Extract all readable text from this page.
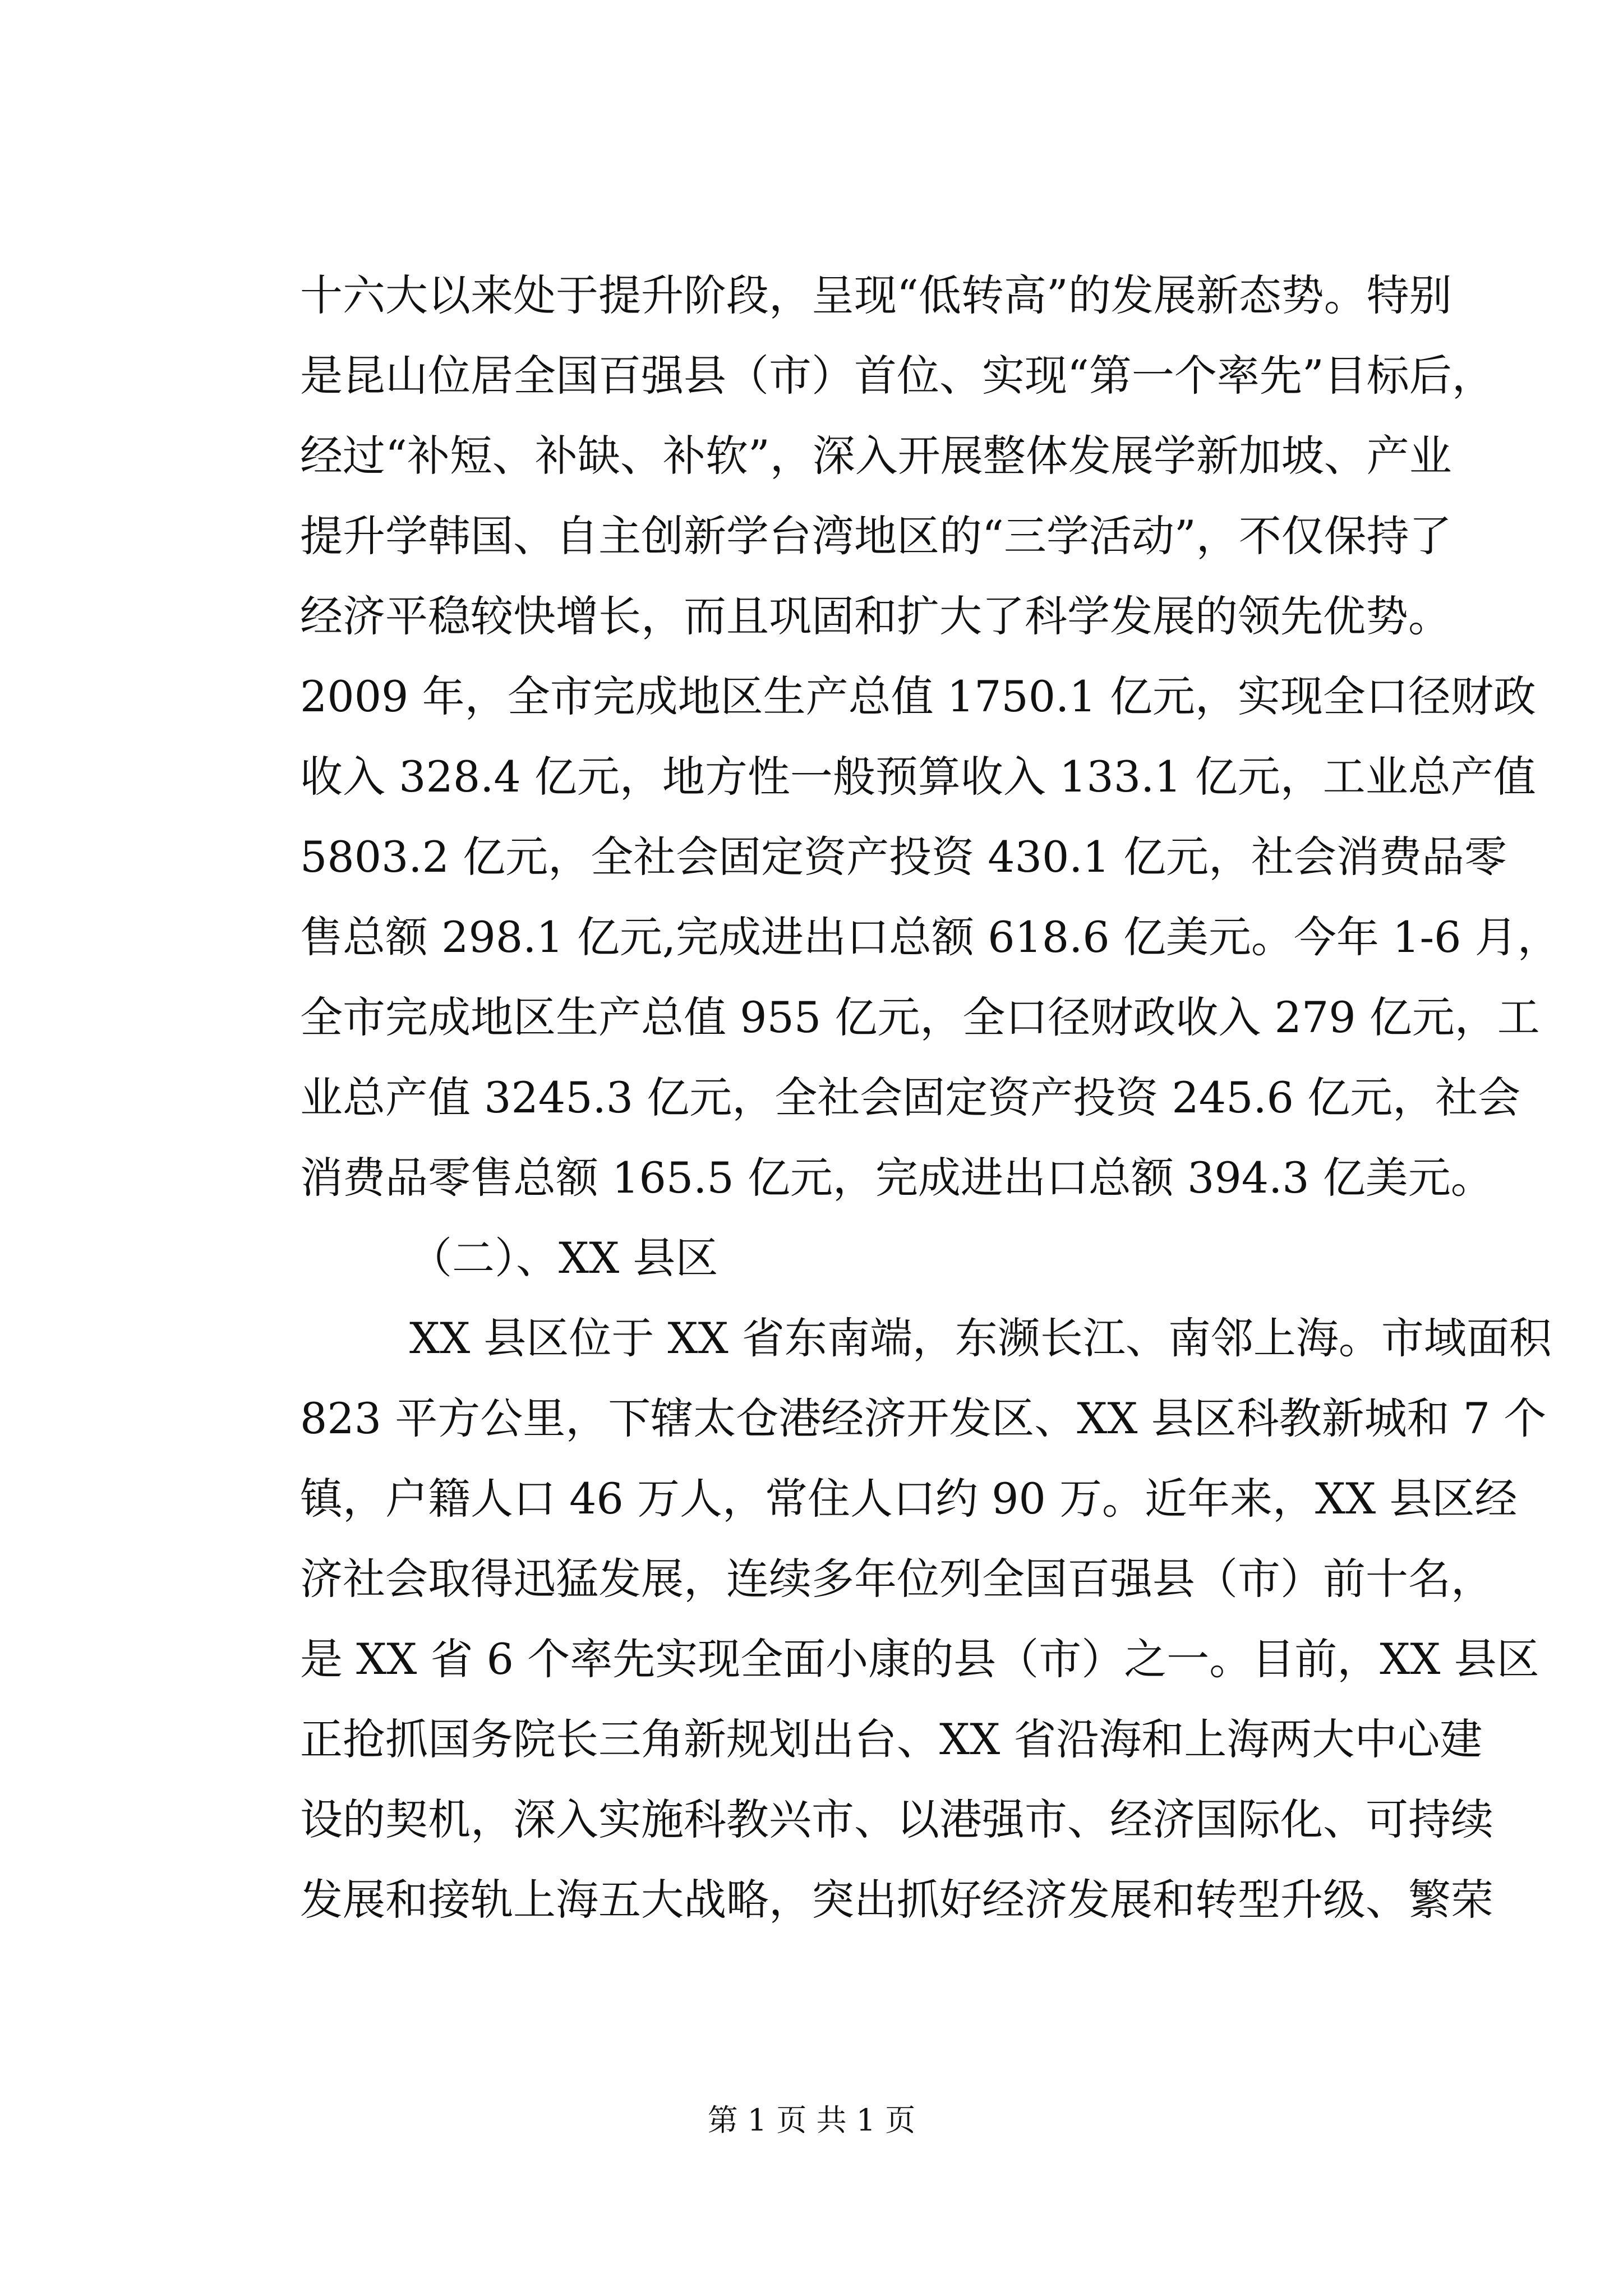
十六大以来处于提升阶段，呈现“低转高”的发展新态势。特别
是昆山位居全国百强县（市）首位、实现“第一个率先”目标后，
经过“补短、补缺、补软”，深入开展整体发展学新加坡、产业
提升学韩国、自主创新学台湾地区的“三学活动”，不仅保持了
经济平稳较快增长，而且巩固和扩大了科学发展的领先优势。
2009 年，全市完成地区生产总值 1750.1 亿元，实现全口径财政
收入 328.4 亿元，地方性一般预算收入 133.1 亿元，工业总产值
5803.2 亿元，全社会固定资产投资 430.1 亿元，社会消费品零
售总额 298.1 亿元,完成进出口总额 618.6 亿美元。今年 1-6 月，
全市完成地区生产总值 955 亿元，全口径财政收入 279 亿元，工
业总产值 3245.3 亿元，全社会固定资产投资 245.6 亿元，社会
消费品零售总额 165.5 亿元，完成进出口总额 394.3 亿美元。
（二）、XX 县区
XX 县区位于 XX 省东南端，东濒长江、南邻上海。市域面积
823 平方公里，下辖太仓港经济开发区、XX 县区科教新城和 7 个
镇，户籍人口 46 万人，常住人口约 90 万。近年来，XX 县区经
济社会取得迅猛发展，连续多年位列全国百强县（市）前十名，
是 XX 省 6 个率先实现全面小康的县（市）之一。目前，XX 县区
正抢抓国务院长三角新规划出台、XX 省沿海和上海两大中心建
设的契机，深入实施科教兴市、以港强市、经济国际化、可持续
发展和接轨上海五大战略，突出抓好经济发展和转型升级、繁荣
第 1 页 共 1 页
